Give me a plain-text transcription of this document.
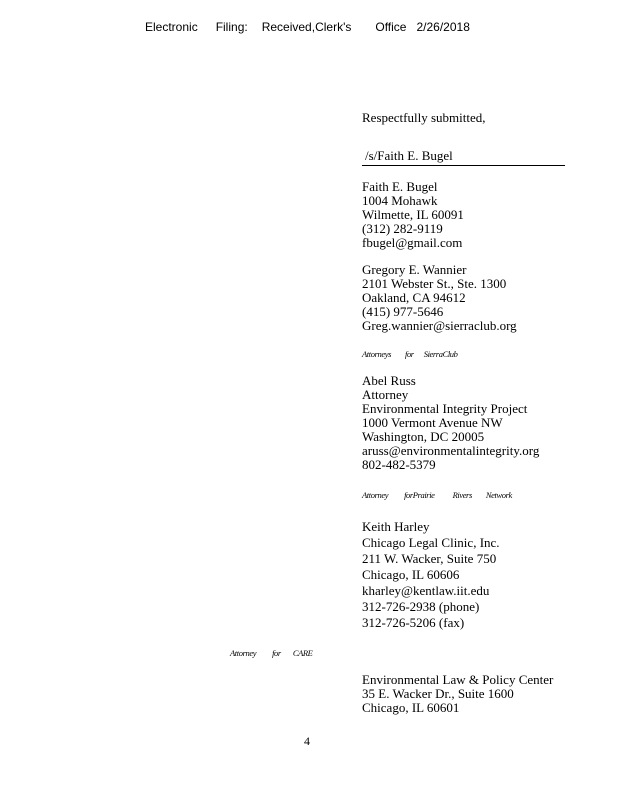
Electronic Filing: Received,Clerk's Office 2/26/2018
Respectfully submitted,
/s/Faith E. Bugel
Faith E. Bugel
1004 Mohawk
Wilmette, IL 60091
(312) 282-9119
fbugel@gmail.com
Gregory E. Wannier
2101 Webster St., Ste. 1300
Oakland, CA 94612
(415) 977-5646
Greg.wannier@sierraclub.org
Attorneys for SierraClub
Abel Russ
Attorney
Environmental Integrity Project
1000 Vermont Avenue NW
Washington, DC 20005
aruss@environmentalintegrity.org
802-482-5379
Attorney forPrairie Rivers Network
Keith Harley
Chicago Legal Clinic, Inc.
211 W. Wacker, Suite 750
Chicago, IL 60606
kharley@kentlaw.iit.edu
312-726-2938 (phone)
312-726-5206 (fax)
Attorney for CARE
Environmental Law & Policy Center
35 E. Wacker Dr., Suite 1600
Chicago, IL 60601
4
